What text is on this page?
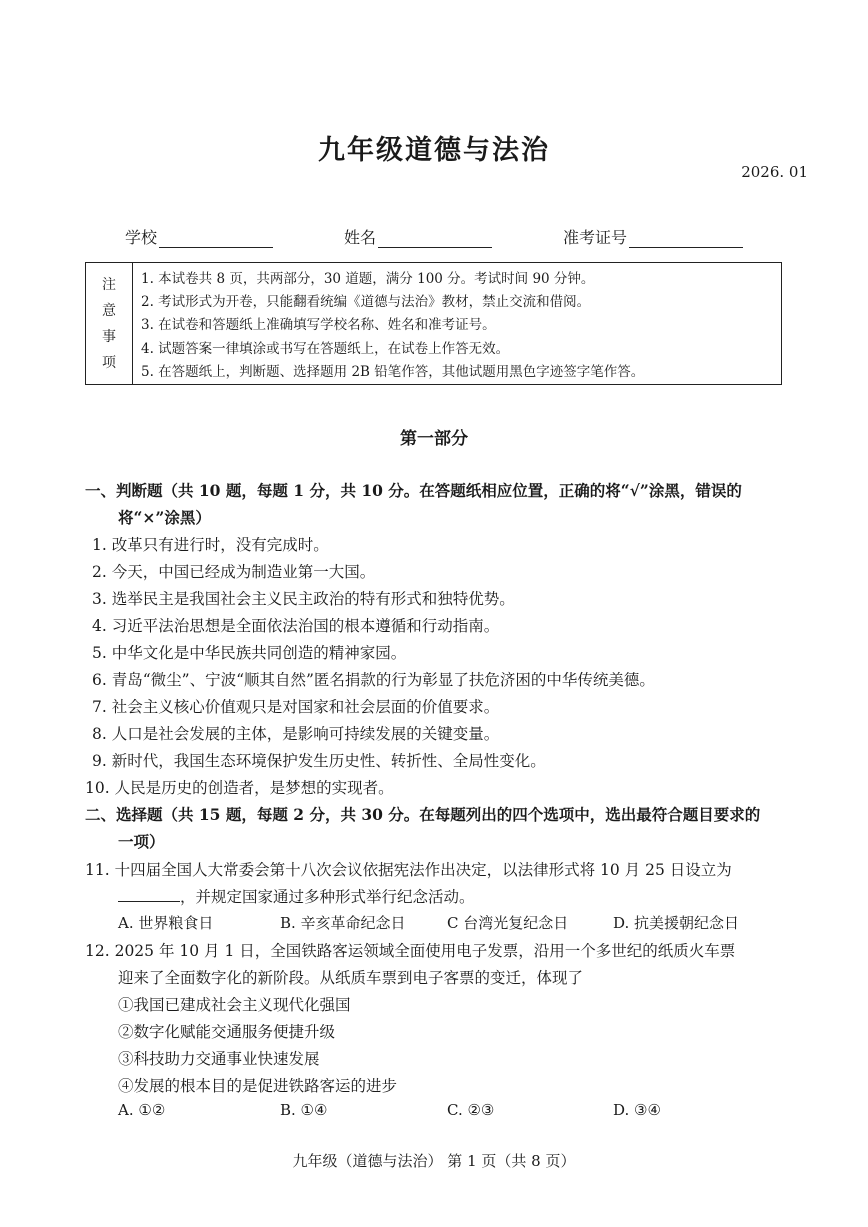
九年级道德与法治
2026. 01
学校	姓名	准考证号
注
意
事
项
1. 本试卷共 8 页，共两部分，30 道题，满分 100 分。考试时间 90 分钟。
2. 考试形式为开卷，只能翻看统编《道德与法治》教材，禁止交流和借阅。
3. 在试卷和答题纸上准确填写学校名称、姓名和准考证号。
4. 试题答案一律填涂或书写在答题纸上，在试卷上作答无效。
5. 在答题纸上，判断题、选择题用 2B 铅笔作答，其他试题用黑色字迹签字笔作答。
第一部分
一、判断题（共 10 题，每题 1 分，共 10 分。在答题纸相应位置，正确的将“√”涂黑，错误的
将“×”涂黑）
1. 改革只有进行时，没有完成时。
2. 今天，中国已经成为制造业第一大国。
3. 选举民主是我国社会主义民主政治的特有形式和独特优势。
4. 习近平法治思想是全面依法治国的根本遵循和行动指南。
5. 中华文化是中华民族共同创造的精神家园。
6. 青岛“微尘”、宁波“顺其自然”匿名捐款的行为彰显了扶危济困的中华传统美德。
7. 社会主义核心价值观只是对国家和社会层面的价值要求。
8. 人口是社会发展的主体，是影响可持续发展的关键变量。
9. 新时代，我国生态环境保护发生历史性、转折性、全局性变化。
10. 人民是历史的创造者，是梦想的实现者。
二、选择题（共 15 题，每题 2 分，共 30 分。在每题列出的四个选项中，选出最符合题目要求的
一项）
11. 十四届全国人大常委会第十八次会议依据宪法作出决定，以法律形式将 10 月 25 日设立为
，并规定国家通过多种形式举行纪念活动。
A. 世界粮食日	B. 辛亥革命纪念日	C 台湾光复纪念日	D. 抗美援朝纪念日
12. 2025 年 10 月 1 日，全国铁路客运领域全面使用电子发票，沿用一个多世纪的纸质火车票
迎来了全面数字化的新阶段。从纸质车票到电子客票的变迁，体现了
①我国已建成社会主义现代化强国
②数字化赋能交通服务便捷升级
③科技助力交通事业快速发展
④发展的根本目的是促进铁路客运的进步
A. ①②	B. ①④	C. ②③	D. ③④
九年级（道德与法治） 第 1 页（共 8 页）
